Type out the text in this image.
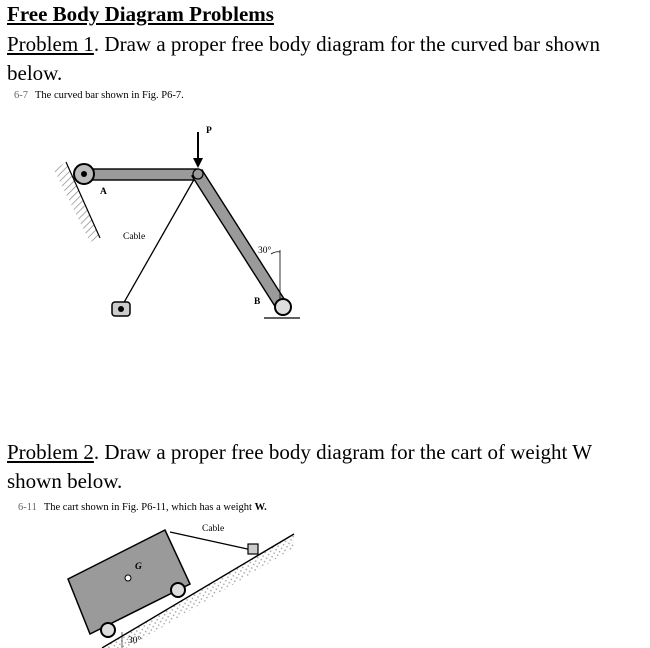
Free Body Diagram Problems
Problem 1. Draw a proper free body diagram for the curved bar shown below.
6-7 The curved bar shown in Fig. P6-7.
P
A
Cable
30°
B
Problem 2. Draw a proper free body diagram for the cart of weight W shown below.
6-11 The cart shown in Fig. P6-11, which has a weight W.
Cable
G
30°
